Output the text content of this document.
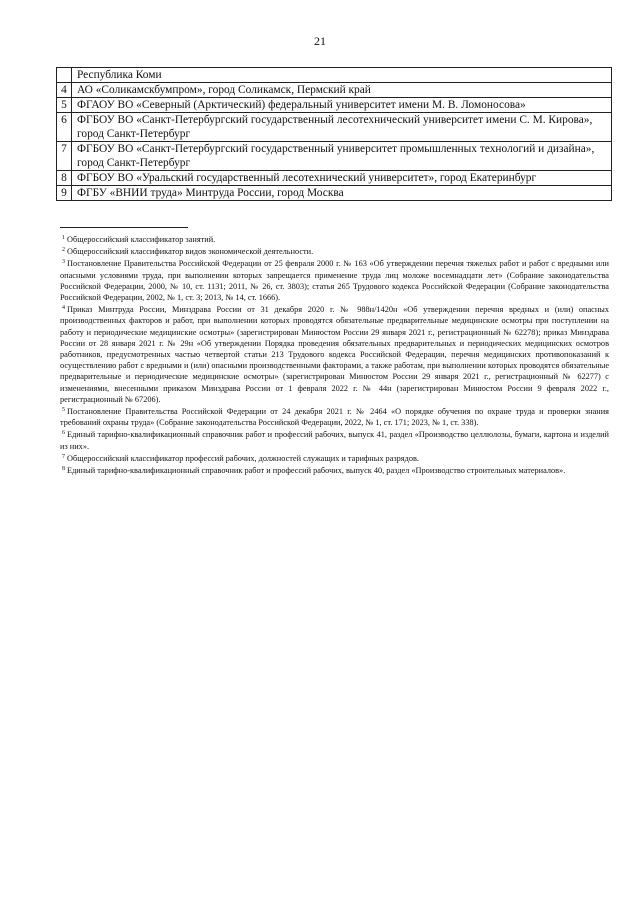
21
	Республика Коми
4	АО «Соликамскбумпром», город Соликамск, Пермский край
5	ФГАОУ ВО «Северный (Арктический) федеральный университет имени М. В. Ломоносова»
6	ФГБОУ ВО «Санкт-Петербургский государственный лесотехнический университет имени С. М. Кирова», город Санкт-Петербург
7	ФГБОУ ВО «Санкт-Петербургский государственный университет промышленных технологий и дизайна», город Санкт-Петербург
8	ФГБОУ ВО «Уральский государственный лесотехнический университет», город Екатеринбург
9	ФГБУ «ВНИИ труда» Минтруда России, город Москва

$^1$ Общероссийский классификатор занятий.

$^2$ Общероссийский классификатор видов экономической деятельности.

$^3$ Постановление Правительства Российской Федерации от 25 февраля 2000 г. № 163 «Об утверждении перечня тяжелых работ и работ с вредными или опасными условиями труда, при выполнении которых запрещается применение труда лиц моложе восемнадцати лет» (Собрание законодательства Российской Федерации, 2000, № 10, ст. 1131; 2011, № 26, ст. 3803); статья 265 Трудового кодекса Российской Федерации (Собрание законодательства Российской Федерации, 2002, № 1, ст. 3; 2013, № 14, ст. 1666).

$^4$ Приказ Минтруда России, Минздрава России от 31 декабря 2020 г. № 988н/1420н «Об утверждении перечня вредных и (или) опасных производственных факторов и работ, при выполнении которых проводятся обязательные предварительные медицинские осмотры при поступлении на работу и периодические медицинские осмотры» (зарегистрирован Минюстом России 29 января 2021 г., регистрационный № 62278); приказ Минздрава России от 28 января 2021 г. № 29н «Об утверждении Порядка проведения обязательных предварительных и периодических медицинских осмотров работников, предусмотренных частью четвертой статьи 213 Трудового кодекса Российской Федерации, перечня медицинских противопоказаний к осуществлению работ с вредными и (или) опасными производственными факторами, а также работам, при выполнении которых проводятся обязательные предварительные и периодические медицинские осмотры» (зарегистрирован Минюстом России 29 января 2021 г., регистрационный № 62277) с изменениями, внесенными приказом Минздрава России от 1 февраля 2022 г. № 44н (зарегистрирован Минюстом России 9 февраля 2022 г., регистрационный № 67206).

$^5$ Постановление Правительства Российской Федерации от 24 декабря 2021 г. № 2464 «О порядке обучения по охране труда и проверки знания требований охраны труда» (Собрание законодательства Российской Федерации, 2022, № 1, ст. 171; 2023, № 1, ст. 338).

$^6$ Единый тарифно-квалификационный справочник работ и профессий рабочих, выпуск 41, раздел «Производство целлюлозы, бумаги, картона и изделий из них».

$^7$ Общероссийский классификатор профессий рабочих, должностей служащих и тарифных разрядов.

$^8$ Единый тарифно-квалификационный справочник работ и профессий рабочих, выпуск 40, раздел «Производство строительных материалов».
